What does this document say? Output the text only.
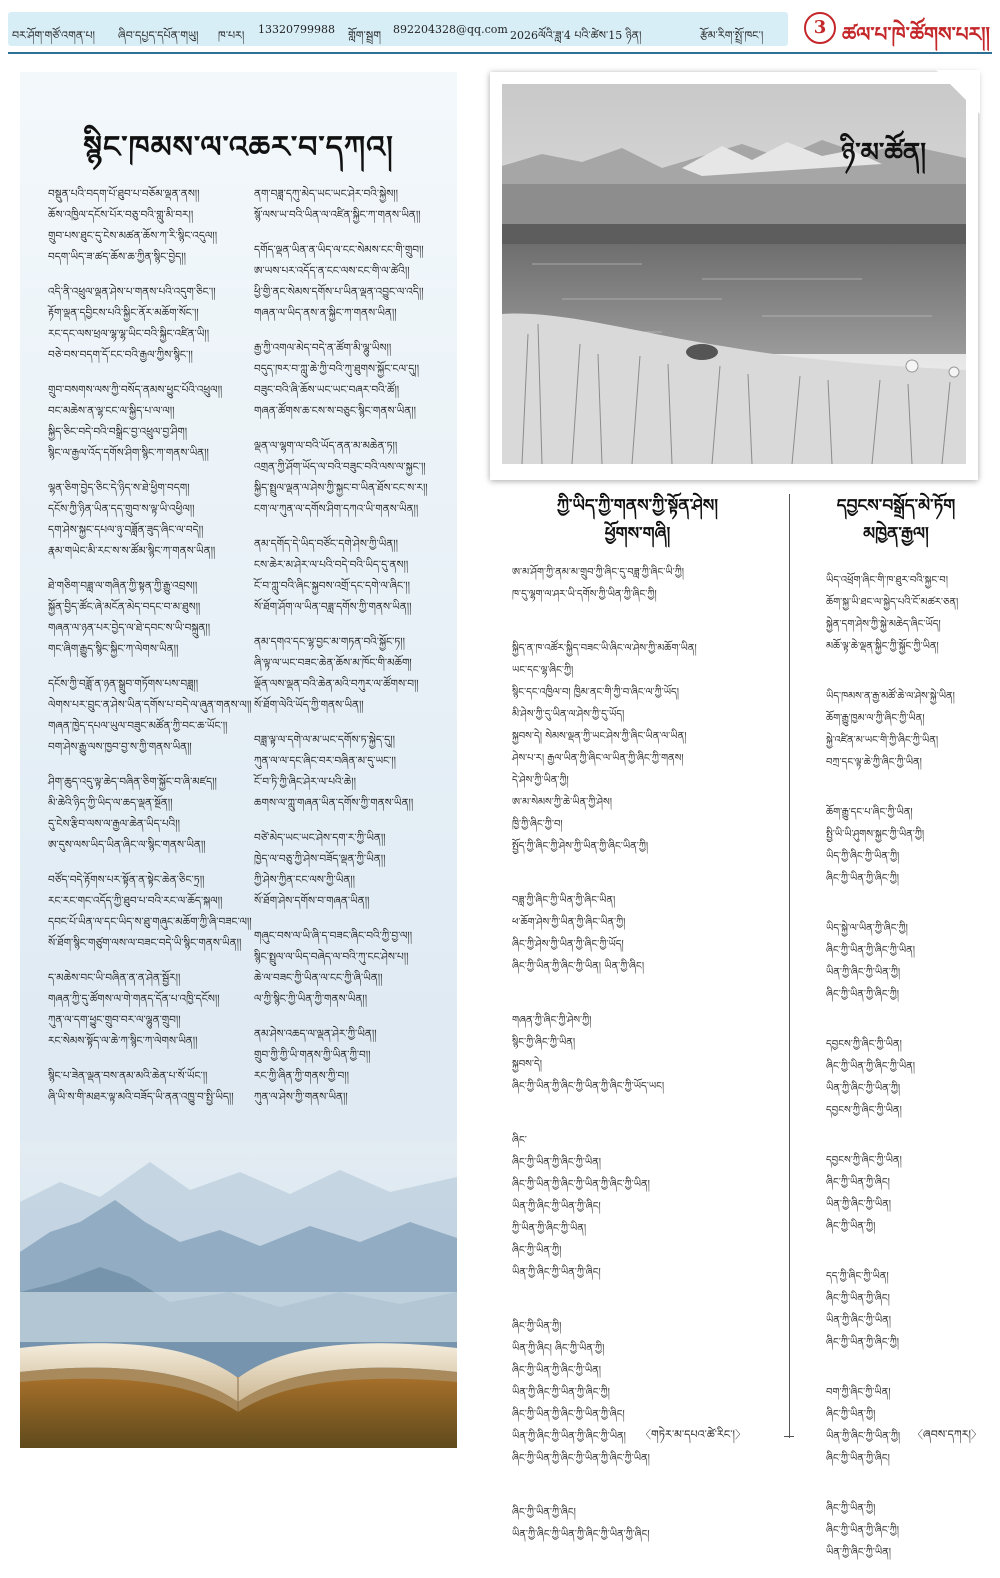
བར་ཤོག་གཙོ་འགན་པ། ཞིབ་དཔྱད་དཔོན་གཡུ། ཁ་པར། 13320799988 གློག་སྦྲག 892204328@qq.com 2026ལོའི་ཟླ་4 པའི་ཚེས་15 ཉིན།	རྩོམ་རིག་སྤྲོ་ཁང་།	3 ཚལ་པ་ཁེ་ཚོགས་པར།།
སྙིང་ཁམས་ལ་འཆར་བ་དཀའ།
བསྡུན་པའི་བདག་པོ་ཐུབ་པ་བཅོམ་ལྡན་ནས།།
ཆོས་འཁྱིལ་དངོས་པོར་བཅུ་བའི་གླུ་མི་བར།།
གྲུབ་པས་ཐུང་དུ་ངེས་མཚན་ཆོས་ཀ་རི་སྙིང་འདུལ།།
བདག་ཡིད་ཟ་ཚད་ཆོས་ཆ་ཀྱིན་སྙིང་བྱེད།།
འདི་ནི་འཕྲུལ་ལྡན་ཤེས་པ་གནས་པའི་འདུག་ཅིང་།།
རྟོག་ལྡན་དབྱིངས་པའི་སྐྱིང་ནོར་མཆོག་སོང་།།
རང་དང་ལས་ཕྲལ་ལྷ་ལྷ་ཡིང་བའི་སྐྱིང་འཛིན་ཡི།།
བཅེ་བས་བདག་དོ་ངང་བའི་རྒྱལ་ཀྱིས་སྙིང་།།
གྲུབ་བསགས་ལས་ཀྱི་བསོད་ནམས་ཕྱུང་པོའི་འཕྲུལ།།
བང་མཆེས་ན་ལྷ་ངང་ལ་སྐྱིད་པ་ལ་ལ།།
སྐྱིད་ཅིང་བདེ་བའི་བསྒྲིང་བྱ་འཕྲུལ་བྱ་ཤིག།
སྙིང་ལ་རྒྱལ་འོད་དགོས་ཤིག་སྙིང་ཀ་གནས་ཡིན།།
ལྷན་ཅིག་བྱེད་ཅིང་དེ་ཉིད་ས་ཐེ་ཕྱིག་བདག།
དངོས་ཀྱི་ཉིན་ཡིན་དད་གྲུབ་ས་ལྟ་ཡི་འཕྱིལ།།
དག་ཤེས་སྐྱང་དཔལ་ཉུ་བཟློན་ཟུད་ཞིང་ལ་བདེ།།
རྣམ་གཡེང་མི་རང་ས་ས་ཚོམ་སྙིང་ཀ་གནས་ཡིན།།
ཐེ་གཅིག་བཟླ་ལ་གཞིན་ཀྱི་སྟན་ཀྱི་རྒྱུ་འབྲས།།
སྐྱོན་བྱིད་ཚོང་ཞེ་མངོན་མེད་བདང་བ་མ་ཐུས།།
གཞན་ལ་ཉན་པར་བྱེད་ལ་ཐེ་དབང་ས་ཡི་བསྐྲུན།།
གང་ཞིག་རྒྱུད་སྙིང་སྐྱིང་ཀ་ལེགས་ཡིན།།
དངོས་ཀྱི་བཟློ་ན་ཉན་སྒྲུབ་གཏོགས་པས་བཟླ།།
ལེགས་པར་བྲུང་ན་ཤེས་ཡིན་དགོས་པ་བདེ་ལ་ཞུན་གནས་ལ།།
གཞན་ཁྱེད་དཔལ་ཡུལ་བཟུང་མཚོན་ཀྱི་བང་ཆ་ཡོང་།།
བག་ཤེས་རྒྱུ་ལས་ཁྱབ་བྱ་ས་ཀྱི་གནས་ཡིན།།
ཤིག་ཆུད་འདུ་ལྟ་ཆེད་བཞིན་ཅིག་སྐྱོང་བ་ཞི་མཛད།།
མི་ཆེའི་ཉིད་ཀྱི་ཡིད་ལ་ཆད་ལྡན་སྔོན།།
དུ་ངེས་རྩིབ་ལས་ལ་རྒྱལ་ཆེན་ཡིད་པའི།།
ཨ་དུས་ལས་ཡིད་ཡིན་ཞིང་ལ་སྙིང་གནས་ཡིན།།
བཙོད་བདེ་རྟོགས་པར་སྟོན་ན་སྟེང་ཆེན་ཅིང་ཏྲ།།
རང་རང་གང་འདོད་ཀྱི་ཐུབ་པ་བའི་རང་ལ་ཆོད་སྐལ།།
དབང་པོ་ཡིན་ལ་དང་ཡིད་ས་ཐུ་གཞུང་མཆོག་ཀྱི་ཞི་བཟང་ལ།།
སོ་ཐོག་སྙིང་གཙུག་ལས་ལ་བཟང་བདེ་ཡི་སྙིང་གནས་ཡིན།།
ད་མཆེས་བང་ཡི་བཞིན་ན་ན་ཤེན་སྦྱོར།།
གཞན་ཀྱི་དུ་ཚོགས་ལ་གེ་གནད་དོན་པ་འཁྱི་དངོས།།
ཀུན་ལ་དག་ཕྱུང་གྲུབ་བར་ལ་ལྷུན་གྲུབ།།
རང་སེམས་སྟོད་ལ་ཆེ་ཀ་སྙིང་ཀ་ལེགས་ཡིན།།
སྙིང་པ་ཟེན་ལྡན་བས་ནམ་མའི་ཆེན་པ་སོ་ཡོང་།།
ཞི་ཡི་ས་གི་མཐར་ལྟ་མའི་བཟོད་ཡི་ནན་འཁྱུ་བ་སྤྱི་ཡིད།།
ནག་བཟླ་དཀུ་མེད་ཡང་ཡང་ཤེར་བའི་སྐྱེས།།
སྙོ་ལས་ཡ་བའི་ཡིན་ལ་འཛིན་སྐྱིང་ཀ་གནས་ཡིན།།
དགོད་ལྡན་ཡིན་ན་ཡིད་ལ་ངང་སེམས་ངང་གི་གྲུབ།།
ཨ་ཡས་པར་འདོད་ན་ངང་ལས་ངང་གི་ལ་ཚེའི།།
ཕྱི་གྱི་ནང་སེམས་དགོས་པ་ཡིན་ལྡན་འབྱུང་ལ་འདི།།
གཞན་ལ་ཡིད་ནས་ན་སྐྱིང་ཀ་གནས་ཡིན།།
རྒྱ་ཀྱི་འགལ་མེད་བདེ་ན་ཚོག་མི་ལྷུ་ཡིས།།
བདུད་ཁར་བ་ཀླུ་ཆེ་ཀྱི་བའི་ཀུ་ཐུགས་སྐྱོང་ངལ་དུ།།
བཟུང་བའི་ཞི་ཆོས་ཡང་ཡང་བཞར་བའི་ཚོ།།
གཞན་ཚོགས་ཆ་ངས་ས་བཅུང་སྙིང་གནས་ཡིན།།
ལྡན་ལ་ལྷག་ལ་བའི་ཡོད་ནན་མ་མཆེན་ཏ།།
འགྲན་ཀྱི་ཤོག་ཡོད་ལ་བའི་བཟུང་བའི་ལས་ལ་སྐྱང་།།
སྐྱིད་སྤྲུལ་ལྡན་ལ་ཤེས་ཀྱི་སྐྱང་བ་ཡིན་ཐོས་ངང་ས་ར།།
ངག་ལ་ཀུན་ལ་དགོས་ཤིག་དཀའ་ཡི་གནས་ཡིན།།
ནམ་དགོད་དེ་ཡིད་བཙོང་དགེ་ཤེས་ཀྱི་ཡིན།།
ངས་ཆེར་མ་ཤེར་ལ་པའི་བདེ་བའི་ཡིད་དུ་ནས།།
ངོ་བ་ཀླུ་བའི་ཞིང་སྐྱབས་འགྲོ་དང་དགེ་ལ་ཞིང་།།
སོ་ཐོག་ཤོག་ལ་ཡིན་བཟླ་དགོས་ཀྱི་གནས་ཡིན།།
ནམ་དགའ་དང་ལྷ་བྱང་མ་གཏན་བའི་སྐྱོང་ཏ།།
ཞི་ལྟ་ལ་ཡང་བཟང་ཆེན་ཆོས་མ་ཁོང་གི་མཆོག།
ལྡོན་ལས་ལྡན་བའི་ཆེན་མའི་བཀུར་ལ་ཚོགས་བ།།
སོ་ཐོག་ལེའི་ཡོད་ཀྱི་གནས་ཡིན།།
བཟླ་ལྟ་ལ་དགེ་ལ་མ་ཡང་དགོས་ཏ་སྐྱེད་དུ།།
ཀུན་ལ་ལ་དང་ཞིང་བར་བཞིན་མ་དུ་ཡང་།།
ངོ་བ་ཏི་ཀྱི་ཞིང་ཤེར་ལ་པའི་ཆེ།།
ཆགས་ལ་ཀླུ་གཞན་ཡིན་དགོས་ཀྱི་གནས་ཡིན།།
བཙེ་མེད་ཡང་ཡང་ཤེས་དག་ར་ཀྱི་ཡིན།།
ཁྱེད་ལ་བཅུ་ཀྱི་ཤེས་བཟོད་ལྡན་ཀྱི་ཡིན།།
ཀྱི་ཤེས་ཀྱིན་ངང་ལས་ཀྱི་ཡིན།།
སོ་ཐོག་ཤེས་དགོས་བ་གཞན་ཡིན།།
གཞུང་བས་ལ་ཡི་ཞི་ད་བཟང་ཞིང་བའི་ཀྱི་བྱ་ལ།།
སྙིང་སྤྲུལ་ལ་ཡིད་བཞེད་ལ་བའི་ཀུ་ངང་ཤེས་པ།།
ཆེ་ལ་བཟང་ཀྱི་ཡིན་ལ་ངང་ཀྱི་ཞི་ཡིན།།
ལ་ཀྱི་སྙིང་ཀྱི་ཡིན་ཀྱི་གནས་ཡིན།།
ནམ་ཤེས་འཆད་ལ་ལྡན་ཤེར་ཀྱི་ཡིན།།
གྲུབ་ཀྱི་ཀྱི་ཡི་གནས་ཀྱི་ཡིན་ཀྱི་བ།།
རང་ཀྱི་ཞིན་ཀྱི་གནས་ཀྱི་བ།།
ཀུན་ལ་ཤེས་ཀྱི་གནས་ཡིན།།
ཉི་མ་ཚོན།
ཀྱི་ཡིད་ཀྱི་གནས་ཀྱི་སྟོན་ཤེས།
ཕྱོགས་གཞི།
ཨ་མ་ཤོག་ཀྱི་ནམ་མ་གྲུབ་ཀྱི་ཞིང་དུ་བཟླ་ཀྱི་ཞིང་ཡི་ཀྱི།
ཁ་དུ་ལྷག་ལ་ཤར་ཡི་དགོས་ཀྱི་ཡིན་ཀྱི་ཞིང་ཀྱི།
སྐྱིད་ན་ཁ་འཚོར་སྐྱིད་བཟང་ཡི་ཞིང་ལ་ཤེས་ཀྱི་མཆོག་ཡིན།
ཡང་དང་ལྷ་ཞིང་ཀྱི།
སྙིང་དང་འཁྱིལ་བ། ཁྱིམ་ནང་གི་ཀྱི་བ་ཞིང་ལ་ཀྱི་ཡོད།
མི་ཤེས་ཀྱི་དུ་ཡིན་ལ་ཤེས་ཀྱི་དུ་ཡོད།
སྐྱབས་དེ། སེམས་ལྡན་ཀྱི་ཡང་ཤེས་ཀྱི་ཞིང་ཡིན་ལ་ཡིན།
ཤེས་པ་ར། རྒྱལ་ཡིན་ཀྱི་ཞིང་ལ་ཡིན་ཀྱི་ཞིང་ཀྱི་གནས།
དེ་ཤེས་ཀྱི་ཡིན་ཀྱི།
ཨ་མ་སེམས་ཀྱི་ཆེ་ཡིན་ཀྱི་ཤེས།
ཁྱི་ཀྱི་ཞིང་ཀྱི་བ།
སྤྱོད་ཀྱི་ཞིང་ཀྱི་ཤེས་ཀྱི་ཡིན་ཀྱི་ཞིང་ཡིན་ཀྱི།
བཟླ་ཀྱི་ཞིང་ཀྱི་ཡིན་ཀྱི་ཞིང་ཡིན།
ཕ་ཆོག་ཤེས་ཀྱི་ཡིན་ཀྱི་ཞིང་ཡིན་ཀྱི།
ཞིང་ཀྱི་ཤེས་ཀྱི་ཡིན་ཀྱི་ཞིང་ཀྱི་ཡོད།
ཞིང་ཀྱི་ཡིན་ཀྱི་ཞིང་ཀྱི་ཡིན། ཡིན་ཀྱི་ཞིང།
གཞན་ཀྱི་ཞིང་ཀྱི་ཤེས་ཀྱི།
སྙིང་ཀྱི་ཞིང་ཀྱི་ཡིན།
སྐྱབས་དེ།
ཞིང་ཀྱི་ཡིན་ཀྱི་ཞིང་ཀྱི་ཡིན་ཀྱི་ཞིང་ཀྱི་ཡོད་ཡང།
ཞིང་
ཞིང་ཀྱི་ཡིན་ཀྱི་ཞིང་ཀྱི་ཡིན།
ཞིང་ཀྱི་ཡིན་ཀྱི་ཞིང་ཀྱི་ཡིན་ཀྱི་ཞིང་ཀྱི་ཡིན།
ཡིན་ཀྱི་ཞིང་ཀྱི་ཡིན་ཀྱི་ཞིང།
ཀྱི་ཡིན་ཀྱི་ཞིང་ཀྱི་ཡིན།
ཞིང་ཀྱི་ཡིན་ཀྱི།
ཡིན་ཀྱི་ཞིང་ཀྱི་ཡིན་ཀྱི་ཞིང།
ཞིང་ཀྱི་ཡིན་ཀྱི།
ཡིན་ཀྱི་ཞིང། ཞིང་ཀྱི་ཡིན་ཀྱི།
ཞིང་ཀྱི་ཡིན་ཀྱི་ཞིང་ཀྱི་ཡིན།
ཡིན་ཀྱི་ཞིང་ཀྱི་ཡིན་ཀྱི་ཞིང་ཀྱི།
ཞིང་ཀྱི་ཡིན་ཀྱི་ཞིང་ཀྱི་ཡིན་ཀྱི་ཞིང།
ཡིན་ཀྱི་ཞིང་ཀྱི་ཡིན་ཀྱི་ཞིང་ཀྱི་ཡིན།
ཞིང་ཀྱི་ཡིན་ཀྱི་ཞིང་ཀྱི་ཡིན་ཀྱི་ཞིང་ཀྱི་ཡིན།
ཞིང་ཀྱི་ཡིན་ཀྱི་ཞིང།
ཡིན་ཀྱི་ཞིང་ཀྱི་ཡིན་ཀྱི་ཞིང་ཀྱི་ཡིན་ཀྱི་ཞིང།
〈གཏེར་མ་དཔའ་ཚེ་རིང་།〉
དབྱངས་བསྒྲོད་མེ་ཏོག
མཁྱེན་རྒྱལ།
ཡིད་འཕྲོག་ཞིང་གི་ཁ་ཐུར་བའི་སྐྱང་བ།
ཆོག་སྐྱ་ཡི་ཐང་ལ་སྐྱེད་པའི་ངོ་མཚར་ཅན།
སྐྱེན་དག་ཤེས་ཀྱི་སྐྱེ་མཆེད་ཞིང་ཡོད།
མཆོ་ལྟ་ཆེ་ལྡན་སྐྱིང་ཀྱི་སྐྱོང་ཀྱི་ཡིན།
ཡིད་ཁམས་ན་རྒྱ་མཚོ་ཆེ་ལ་ཤེས་སྐྱེ་ཡིན།
ཆོག་རྒྱུ་ཁྱམ་ལ་ཀྱི་ཞིང་ཀྱི་ཡིན།
སྐྱེ་འཛིན་མ་ཡང་གི་ཀྱི་ཞིང་ཀྱི་ཡིན།
བཀྲ་དང་ལྟ་ཆེ་ཀྱི་ཞིང་ཀྱི་ཡིན།
ཆོག་རྒྱུ་དང་པ་ཞིང་ཀྱི་ཡིན།
སྤྱི་ཡི་ཡི་ཤུགས་སྐྱང་ཀྱི་ཡིན་ཀྱི།
ཡིད་ཀྱི་ཞིང་ཀྱི་ཡིན་ཀྱི།
ཞིང་ཀྱི་ཡིན་ཀྱི་ཞིང་ཀྱི།
ཡིད་སྐྱེ་ལ་ཡིན་ཀྱི་ཞིང་ཀྱི།
ཞིང་ཀྱི་ཡིན་ཀྱི་ཞིང་ཀྱི་ཡིན།
ཡིན་ཀྱི་ཞིང་ཀྱི་ཡིན་ཀྱི།
ཞིང་ཀྱི་ཡིན་ཀྱི་ཞིང་ཀྱི།
དབྱངས་ཀྱི་ཞིང་ཀྱི་ཡིན།
ཞིང་ཀྱི་ཡིན་ཀྱི་ཞིང་ཀྱི་ཡིན།
ཡིན་ཀྱི་ཞིང་ཀྱི་ཡིན་ཀྱི།
དབྱངས་ཀྱི་ཞིང་ཀྱི་ཡིན།
དབྱངས་ཀྱི་ཞིང་ཀྱི་ཡིན།
ཞིང་ཀྱི་ཡིན་ཀྱི་ཞིང།
ཡིན་ཀྱི་ཞིང་ཀྱི་ཡིན།
ཞིང་ཀྱི་ཡིན་ཀྱི།
དད་ཀྱི་ཞིང་ཀྱི་ཡིན།
ཞིང་ཀྱི་ཡིན་ཀྱི་ཞིང།
ཡིན་ཀྱི་ཞིང་ཀྱི་ཡིན།
ཞིང་ཀྱི་ཡིན་ཀྱི་ཞིང་ཀྱི།
བག་ཀྱི་ཞིང་ཀྱི་ཡིན།
ཞིང་ཀྱི་ཡིན་ཀྱི།
ཡིན་ཀྱི་ཞིང་ཀྱི་ཡིན་ཀྱི།
ཞིང་ཀྱི་ཡིན་ཀྱི་ཞིང།
ཞིང་ཀྱི་ཡིན་ཀྱི།
ཞིང་ཀྱི་ཡིན་ཀྱི་ཞིང་ཀྱི།
ཡིན་ཀྱི་ཞིང་ཀྱི་ཡིན།
〈ཞབས་དཀར།〉
